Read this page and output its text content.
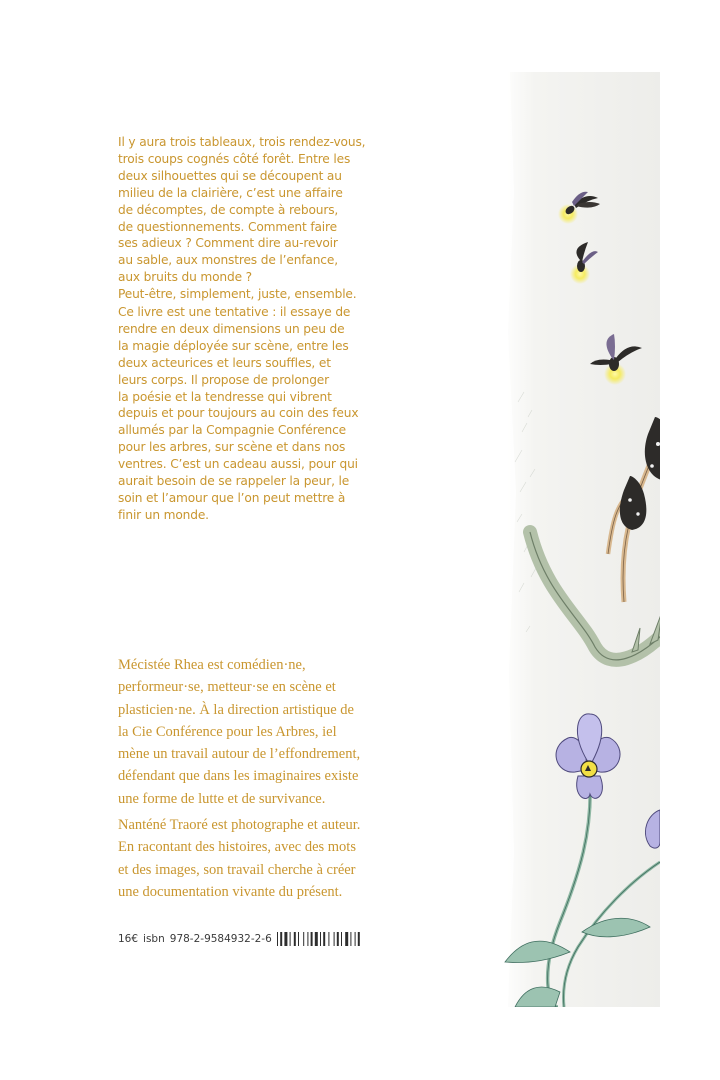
Il y aura trois tableaux, trois rendez-vous,
trois coups cognés côté forêt. Entre les
deux silhouettes qui se découpent au
milieu de la clairière, c’est une affaire
de décomptes, de compte à rebours,
de questionnements. Comment faire
ses adieux ? Comment dire au-revoir
au sable, aux monstres de l’enfance,
aux bruits du monde ?
Peut-être, simplement, juste, ensemble.
Ce livre est une tentative : il essaye de
rendre en deux dimensions un peu de
la magie déployée sur scène, entre les
deux acteurices et leurs souffles, et
leurs corps. Il propose de prolonger
la poésie et la tendresse qui vibrent
depuis et pour toujours au coin des feux
allumés par la Compagnie Conférence
pour les arbres, sur scène et dans nos
ventres. C’est un cadeau aussi, pour qui
aurait besoin de se rappeler la peur, le
soin et l’amour que l’on peut mettre à
finir un monde.
Mécistée Rhea est comédien·ne,
performeur·se, metteur·se en scène et
plasticien·ne. À la direction artistique de
la Cie Conférence pour les Arbres, iel
mène un travail autour de l’effondrement,
défendant que dans les imaginaires existe
une forme de lutte et de survivance.
Nanténé Traoré est photographe et auteur.
En racontant des histoires, avec des mots
et des images, son travail cherche à créer
une documentation vivante du présent.
16€ isbn 978-2-9584932-2-6
